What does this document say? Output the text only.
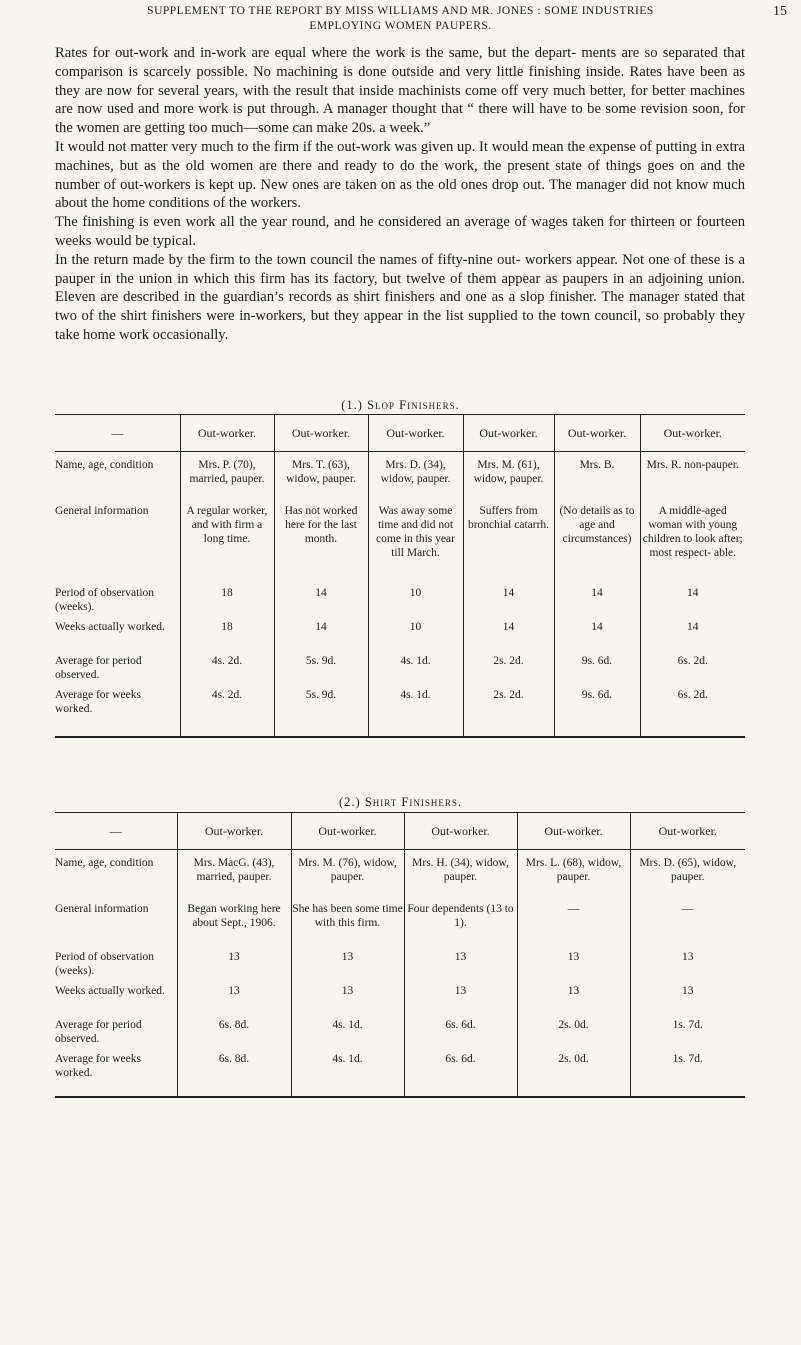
SUPPLEMENT TO THE REPORT BY MISS WILLIAMS AND MR. JONES : SOME INDUSTRIES
EMPLOYING WOMEN PAUPERS.
15

Rates for out-work and in-work are equal where the work is the same, but the depart- ments are so separated that comparison is scarcely possible. No machining is done outside and very little finishing inside. Rates have been as they are now for several years, with the result that inside machinists come off very much better, for better machines are now used and more work is put through. A manager thought that “ there will have to be some revision soon, for the women are getting too much—some can make 20s. a week.”

It would not matter very much to the firm if the out-work was given up. It would mean the expense of putting in extra machines, but as the old women are there and ready to do the work, the present state of things goes on and the number of out-workers is kept up. New ones are taken on as the old ones drop out. The manager did not know much about the home conditions of the workers.

The finishing is even work all the year round, and he considered an average of wages taken for thirteen or fourteen weeks would be typical.

In the return made by the firm to the town council the names of fifty-nine out- workers appear. Not one of these is a pauper in the union in which this firm has its factory, but twelve of them appear as paupers in an adjoining union. Eleven are described in the guardian’s records as shirt finishers and one as a slop finisher. The manager stated that two of the shirt finishers were in-workers, but they appear in the list supplied to the town council, so probably they take home work occasionally.

(1.) Slop Finishers.
—	Out-worker.	Out-worker.	Out-worker.	Out-worker.	Out-worker.	Out-worker.
Name, age, condition	Mrs. P. (70), married, pauper.	Mrs. T. (63), widow, pauper.	Mrs. D. (34), widow, pauper.	Mrs. M. (61), widow, pauper.	Mrs. B.	Mrs. R. non-pauper.
General information	A regular worker, and with firm a long time.	Has not worked here for the last month.	Was away some time and did not come in this year till March.	Suffers from bronchial catarrh.	(No details as to age and circumstances)	A middle-aged woman with young children to look after; most respect- able.
Period of observation (weeks).	18	14	10	14	14	14
Weeks actually worked.	18	14	10	14	14	14
Average for period observed.	4s. 2d.	5s. 9d.	4s. 1d.	2s. 2d.	9s. 6d.	6s. 2d.
Average for weeks worked.	4s. 2d.	5s. 9d.	4s. 1d.	2s. 2d.	9s. 6d.	6s. 2d.
(2.) Shirt Finishers.
—	Out-worker.	Out-worker.	Out-worker.	Out-worker.	Out-worker.
Name, age, condition	Mrs. MacG. (43), married, pauper.	Mrs. M. (76), widow, pauper.	Mrs. H. (34), widow, pauper.	Mrs. L. (68), widow, pauper.	Mrs. D. (65), widow, pauper.
General information	Began working here about Sept., 1906.	She has been some time with this firm.	Four dependents (13 to 1).	—	—
Period of observation (weeks).	13	13	13	13	13
Weeks actually worked.	13	13	13	13	13
Average for period observed.	6s. 8d.	4s. 1d.	6s. 6d.	2s. 0d.	1s. 7d.
Average for weeks worked.	6s. 8d.	4s. 1d.	6s. 6d.	2s. 0d.	1s. 7d.
